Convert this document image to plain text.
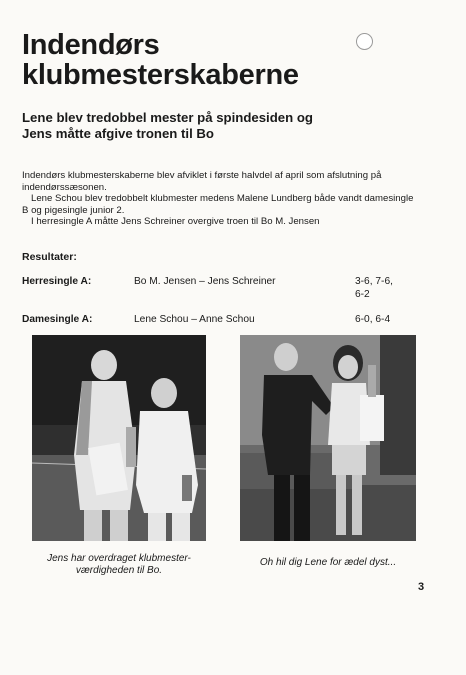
Indendørs
klubmesterskaberne
Lene blev tredobbel mester på spindesiden og
Jens måtte afgive tronen til Bo

Indendørs klubmesterskaberne blev afviklet i første halvdel af april som afslutning på indendørssæsonen.

Lene Schou blev tredobbelt klubmester medens Malene Lundberg både vandt damesingle B og pigesingle junior 2.

I herresingle A måtte Jens Schreiner overgive troen til Bo M. Jensen

Resultater:
Herresingle A:	Bo M. Jensen – Jens Schreiner	3-6, 7-6,
6-2
Damesingle A:	Lene Schou – Anne Schou	6-0, 6-4
Jens har overdraget klubmester-
værdigheden til Bo.
Oh hil dig Lene for ædel dyst...
3
